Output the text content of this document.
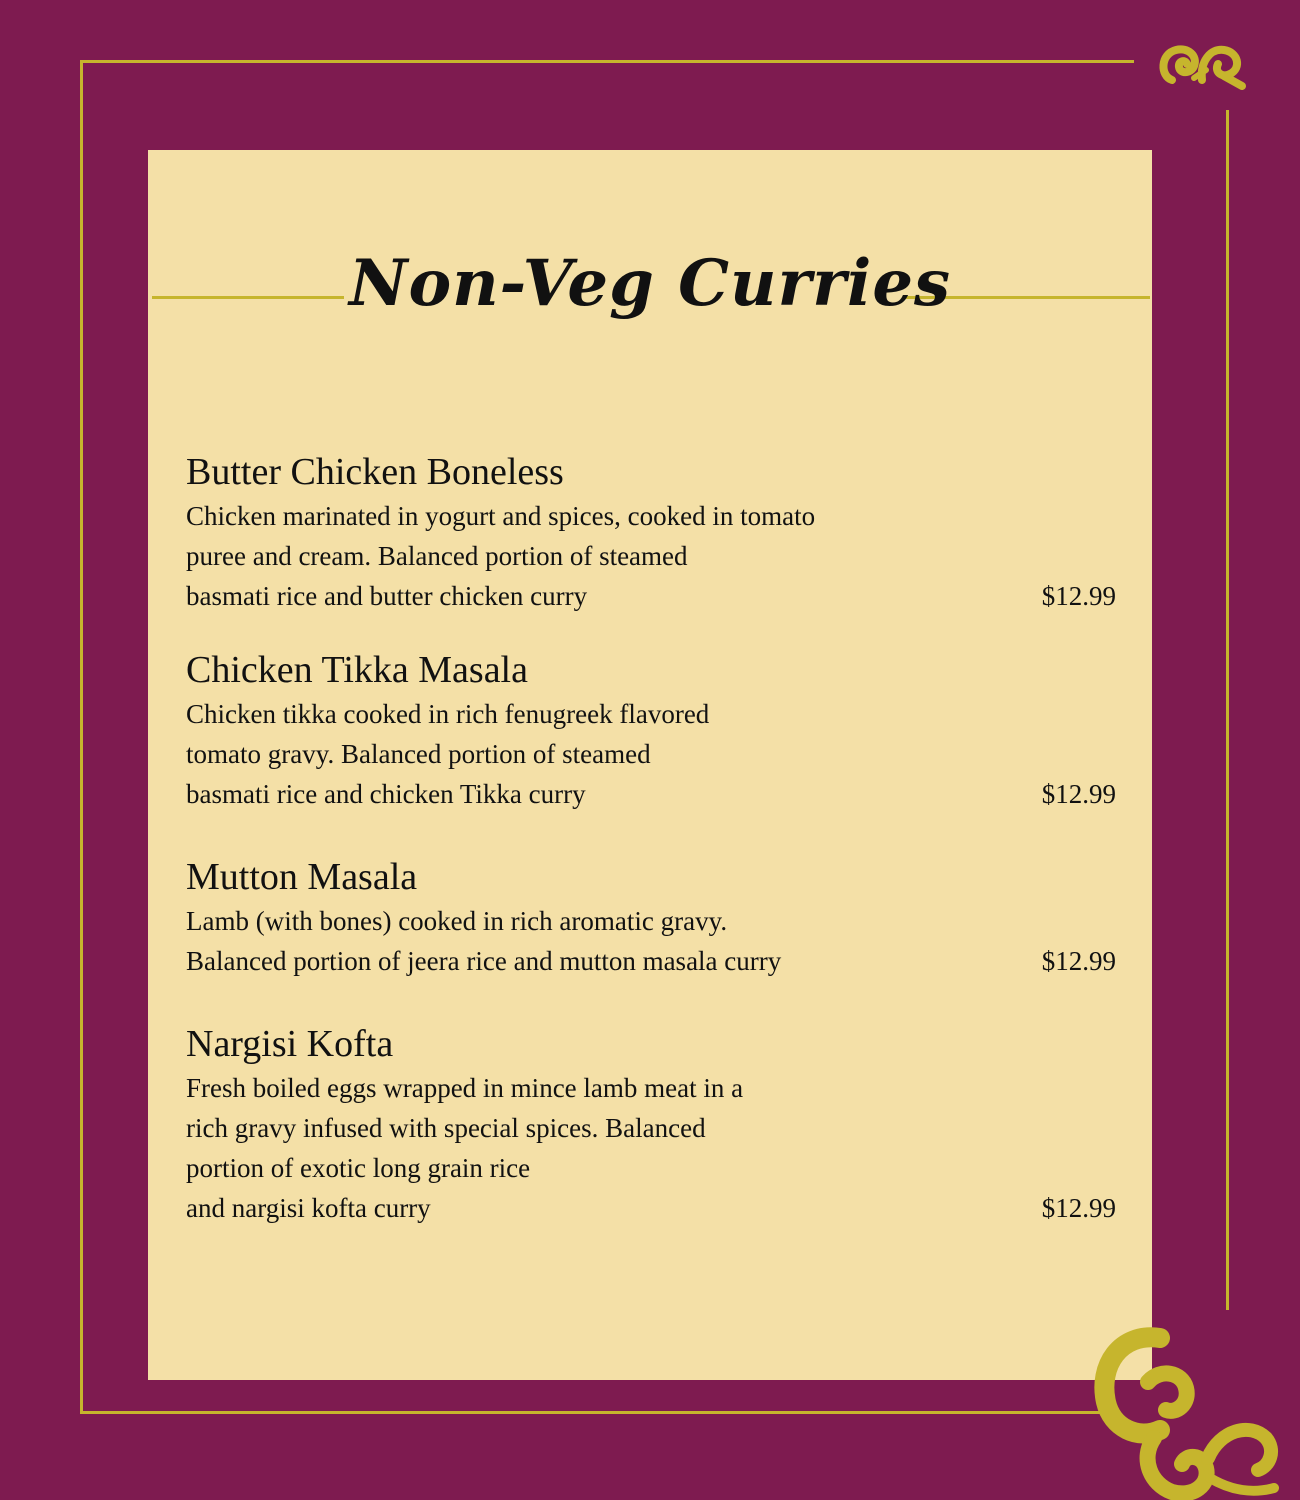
Non-Veg Curries
Butter Chicken Boneless

Chicken marinated in yogurt and spices, cooked in tomato
puree and cream. Balanced portion of steamed
basmati rice and butter chicken curry	$12.99
Chicken Tikka Masala

Chicken tikka cooked in rich fenugreek flavored
tomato gravy. Balanced portion of steamed
basmati rice and chicken Tikka curry	$12.99
Mutton Masala

Lamb (with bones) cooked in rich aromatic gravy.
Balanced portion of jeera rice and mutton masala curry	$12.99
Nargisi Kofta

Fresh boiled eggs wrapped in mince lamb meat in a
rich gravy infused with special spices. Balanced
portion of exotic long grain rice
and nargisi kofta curry	$12.99
